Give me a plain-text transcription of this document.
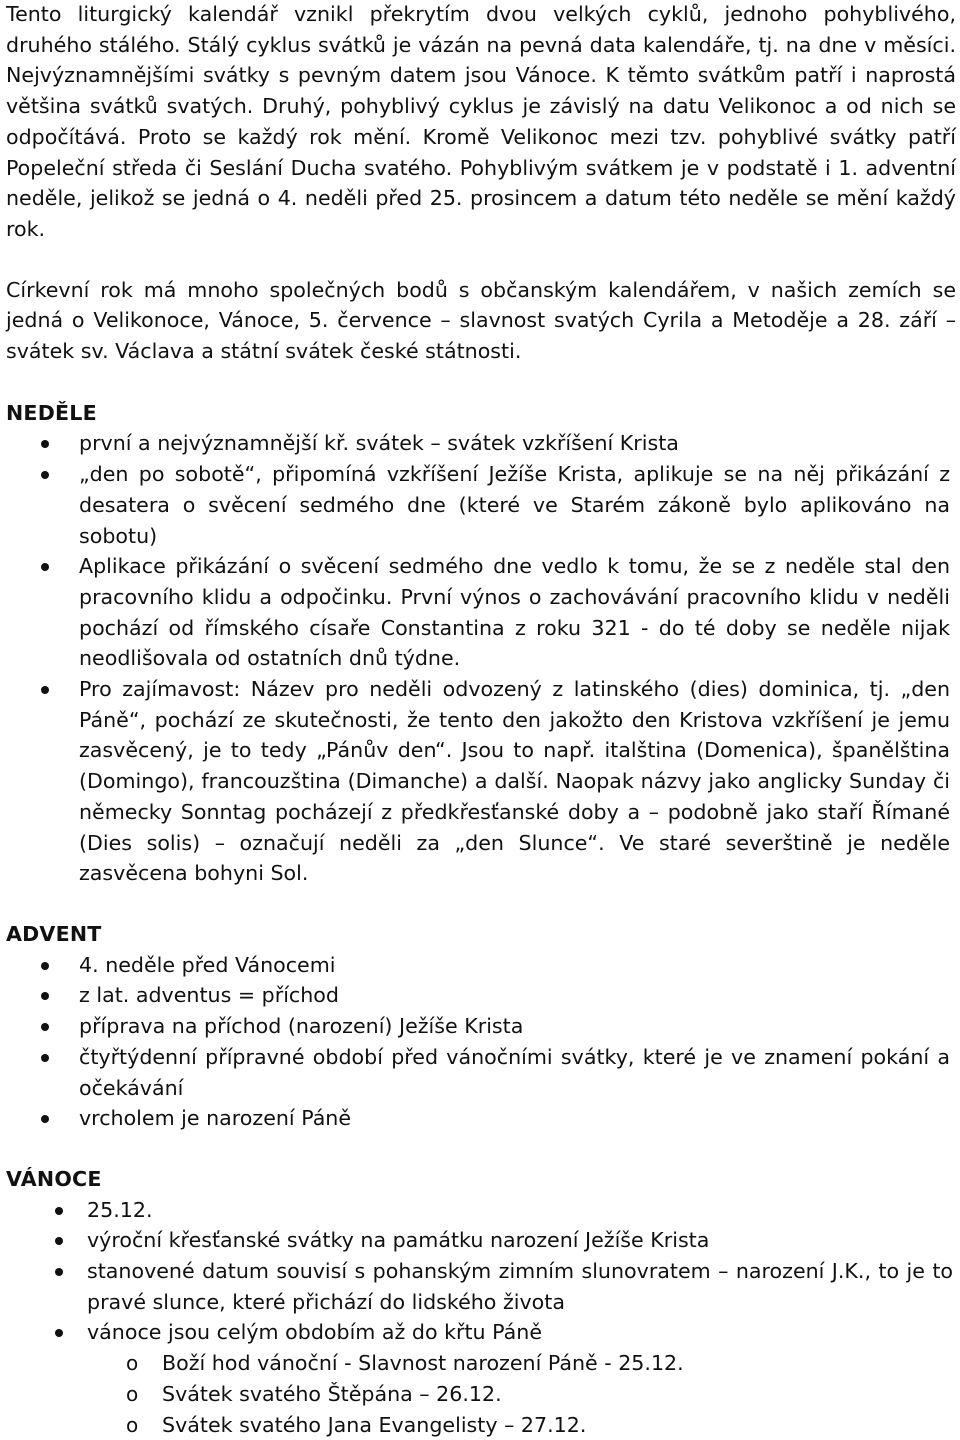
Tento liturgický kalendář vznikl překrytím dvou velkých cyklů, jednoho pohyblivého, druhého stálého. Stálý cyklus svátků je vázán na pevná data kalendáře, tj. na dne v měsíci. Nejvýznamnějšími svátky s pevným datem jsou Vánoce. K těmto svátkům patří i naprostá většina svátků svatých. Druhý, pohyblivý cyklus je závislý na datu Velikonoc a od nich se odpočítává. Proto se každý rok mění. Kromě Velikonoc mezi tzv. pohyblivé svátky patří Popeleční středa či Seslání Ducha svatého. Pohyblivým svátkem je v podstatě i 1. adventní neděle, jelikož se jedná o 4. neděli před 25. prosincem a datum této neděle se mění každý rok.

Církevní rok má mnoho společných bodů s občanským kalendářem, v našich zemích se jedná o Velikonoce, Vánoce, 5. července – slavnost svatých Cyrila a Metoděje a 28. září – svátek sv. Václava a státní svátek české státnosti.

NEDĚLE
první a nejvýznamnější kř. svátek – svátek vzkříšení Krista
„den po sobotě“, připomíná vzkříšení Ježíše Krista, aplikuje se na něj přikázání z desatera o svěcení sedmého dne (které ve Starém zákoně bylo aplikováno na sobotu)
Aplikace přikázání o svěcení sedmého dne vedlo k tomu, že se z neděle stal den pracovního klidu a odpočinku. První výnos o zachovávání pracovního klidu v neděli pochází od římského císaře Constantina z roku 321 - do té doby se neděle nijak neodlišovala od ostatních dnů týdne.
Pro zajímavost: Název pro neděli odvozený z latinského (dies) dominica, tj. „den Páně“, pochází ze skutečnosti, že tento den jakožto den Kristova vzkříšení je jemu zasvěcený, je to tedy „Pánův den“. Jsou to např. italština (Domenica), španělština (Domingo), francouzština (Dimanche) a další. Naopak názvy jako anglicky Sunday či německy Sonntag pocházejí z předkřesťanské doby a – podobně jako staří Římané (Dies solis) – označují neděli za „den Slunce“. Ve staré severštině je neděle zasvěcena bohyni Sol.
ADVENT
4. neděle před Vánocemi
z lat. adventus = příchod
příprava na příchod (narození) Ježíše Krista
čtyřtýdenní přípravné období před vánočními svátky, které je ve znamení pokání a očekávání
vrcholem je narození Páně
VÁNOCE
25.12.
výroční křesťanské svátky na památku narození Ježíše Krista
stanovené datum souvisí s pohanským zimním slunovratem – narození J.K., to je to pravé slunce, které přichází do lidského života
vánoce jsou celým obdobím až do křtu Páně
o Boží hod vánoční - Slavnost narození Páně - 25.12.
o Svátek svatého Štěpána – 26.12.
o Svátek svatého Jana Evangelisty – 27.12.
